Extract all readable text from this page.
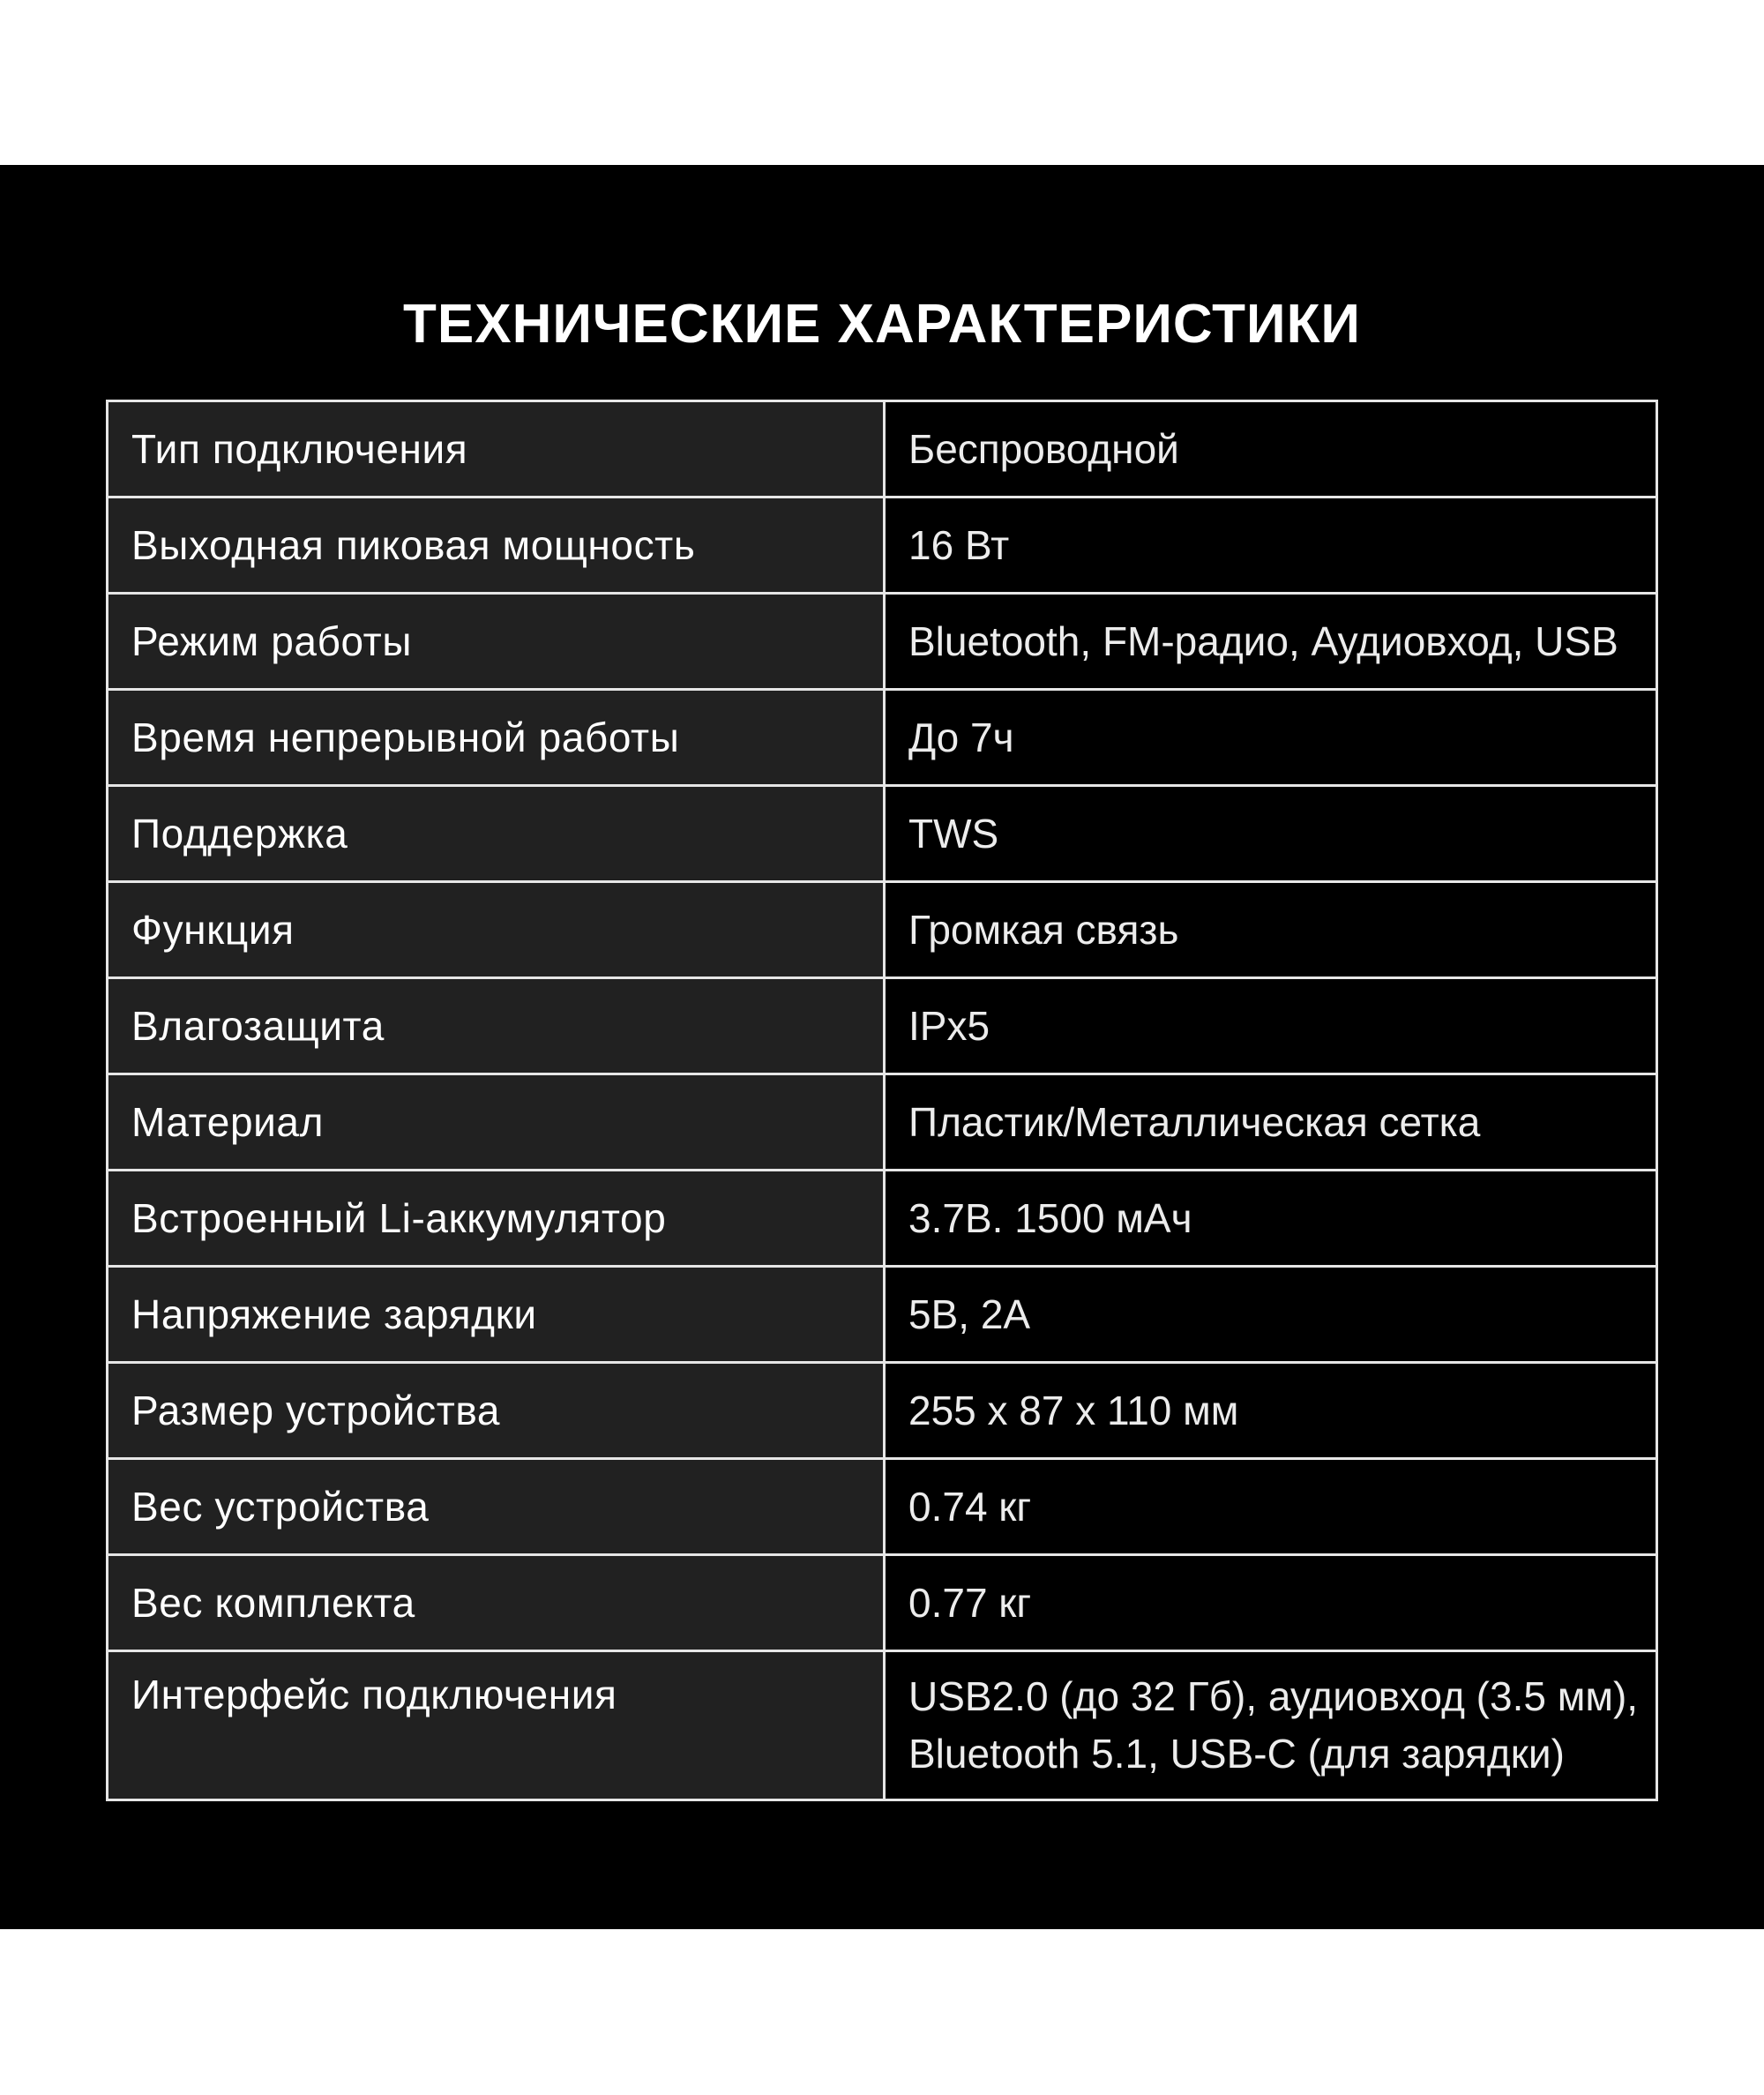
ТЕХНИЧЕСКИЕ ХАРАКТЕРИСТИКИ
Тип подключения	Беспроводной
Выходная пиковая мощность	16 Вт
Режим работы	Bluetooth, FM-радио, Аудиовход, USB
Время непрерывной работы	До 7ч
Поддержка	TWS
Функция	Громкая связь
Влагозащита	IPx5
Материал	Пластик/Металлическая сетка
Встроенный Li-аккумулятор	3.7В. 1500 мАч
Напряжение зарядки	5В, 2А
Размер устройства	255 x 87 x 110 мм
Вес устройства	0.74 кг
Вес комплекта	0.77 кг
Интерфейс подключения	USB2.0 (до 32 Гб), аудиовход (3.5 мм),
Bluetooth 5.1, USB-C (для зарядки)
